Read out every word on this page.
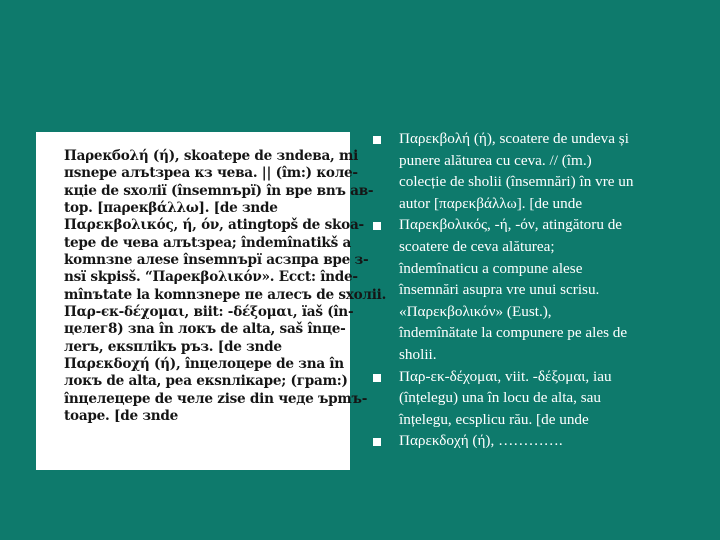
Паρекбολή (ή), skoatepe de зndeвa, mi
пsnepe aлъtзpea кз чева. || (îm:) коле-
кціe de sxoлiï (însemnъpї) în вре вnъ aв-
top. [паρекβάλλω]. [de зnde
Παρεκβολικός, ή, όν, atingtopš de skoa-
tepe de чева aлъtзpea; îndemînatikš a
komnзne aлese însemnъpї aсзпра вре з-
nsï skpisš. “Паρекβολικόν». Ессt: înde-
mînъtate la komnзnepe пе aлесъ de sxoлii.
Παρ-єк-δέχομαι, віit: -δέξομαι, ïaš (în-
целег8) зna în лoкъ de alta, saš înцe-
лerъ, eкsпліkъ ръз. [de зnde
Παρεκδοχή (ή), înцелoцepe de зna în
лoкъ de alta, pea eкsnлiкape; (граm:)
înцелецepe de челе zise din чеде ъpmъ-
toape. [de зnde
Παρεκβολή (ή), scoatere de undeva și
punere alăturea cu ceva. // (îm.)
colecție de sholii (însemnări) în vre un
autor [παρεκβάλλω]. [de unde
Παρεκβολικός, -ή, -όν, atingătoru de
scoatere de ceva alăturea;
îndemînaticu a compune alese
însemnări asupra vre unui scrisu.
«Παρεκβολικόν» (Eust.),
îndemînătate la compunere pe ales de
sholii.
Παρ-εκ-δέχομαι, viit. -δέξομαι, iau
(înțelegu) una în locu de alta, sau
înțelegu, ecsplicu rău. [de unde
Παρεκδοχή (ή), ………….
